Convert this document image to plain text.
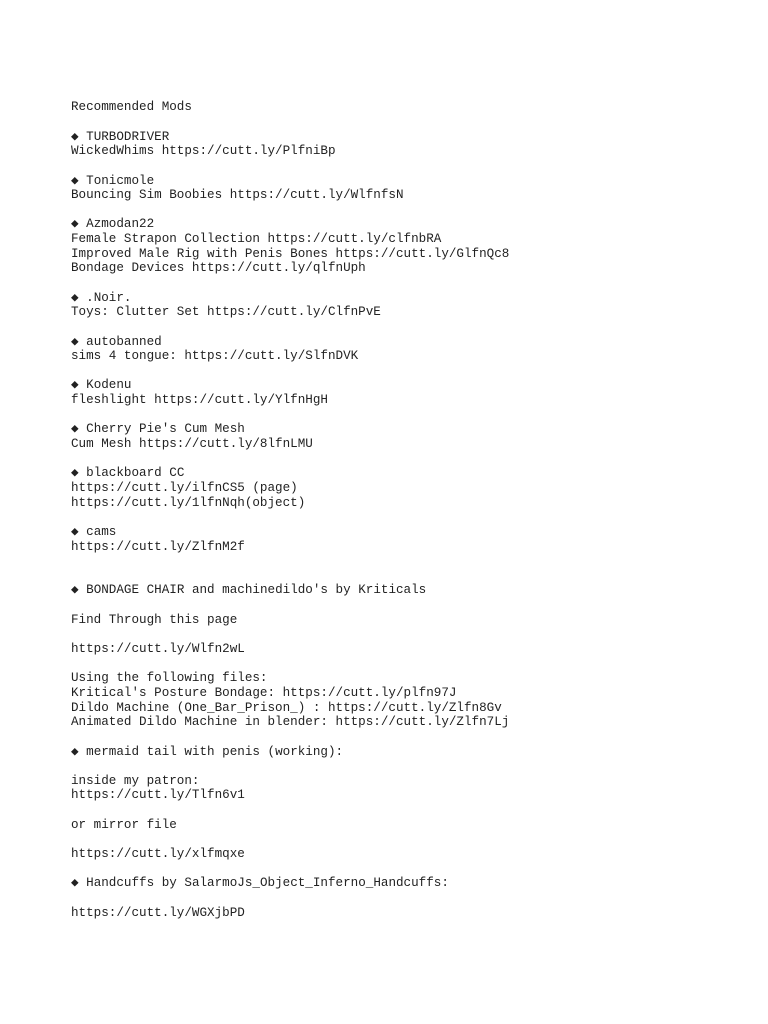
Recommended Mods
◆ TURBODRIVER
WickedWhims https://cutt.ly/PlfniBp
◆ Tonicmole
Bouncing Sim Boobies https://cutt.ly/WlfnfsN
◆ Azmodan22
Female Strapon Collection https://cutt.ly/clfnbRA
Improved Male Rig with Penis Bones https://cutt.ly/GlfnQc8
Bondage Devices https://cutt.ly/qlfnUph
◆ .Noir.
Toys: Clutter Set https://cutt.ly/ClfnPvE
◆ autobanned
sims 4 tongue: https://cutt.ly/SlfnDVK
◆ Kodenu
fleshlight https://cutt.ly/YlfnHgH
◆ Cherry Pie's Cum Mesh
Cum Mesh https://cutt.ly/8lfnLMU
◆ blackboard CC
https://cutt.ly/ilfnCS5 (page)
https://cutt.ly/1lfnNqh(object)
◆ cams
https://cutt.ly/ZlfnM2f
◆ BONDAGE CHAIR and machinedildo's by Kriticals
Find Through this page
https://cutt.ly/Wlfn2wL
Using the following files:
Kritical's Posture Bondage: https://cutt.ly/plfn97J
Dildo Machine (One_Bar_Prison_) : https://cutt.ly/Zlfn8Gv
Animated Dildo Machine in blender: https://cutt.ly/Zlfn7Lj
◆ mermaid tail with penis (working):
inside my patron:
https://cutt.ly/Tlfn6v1
or mirror file
https://cutt.ly/xlfmqxe
◆ Handcuffs by SalarmoJs_Object_Inferno_Handcuffs:
https://cutt.ly/WGXjbPD
